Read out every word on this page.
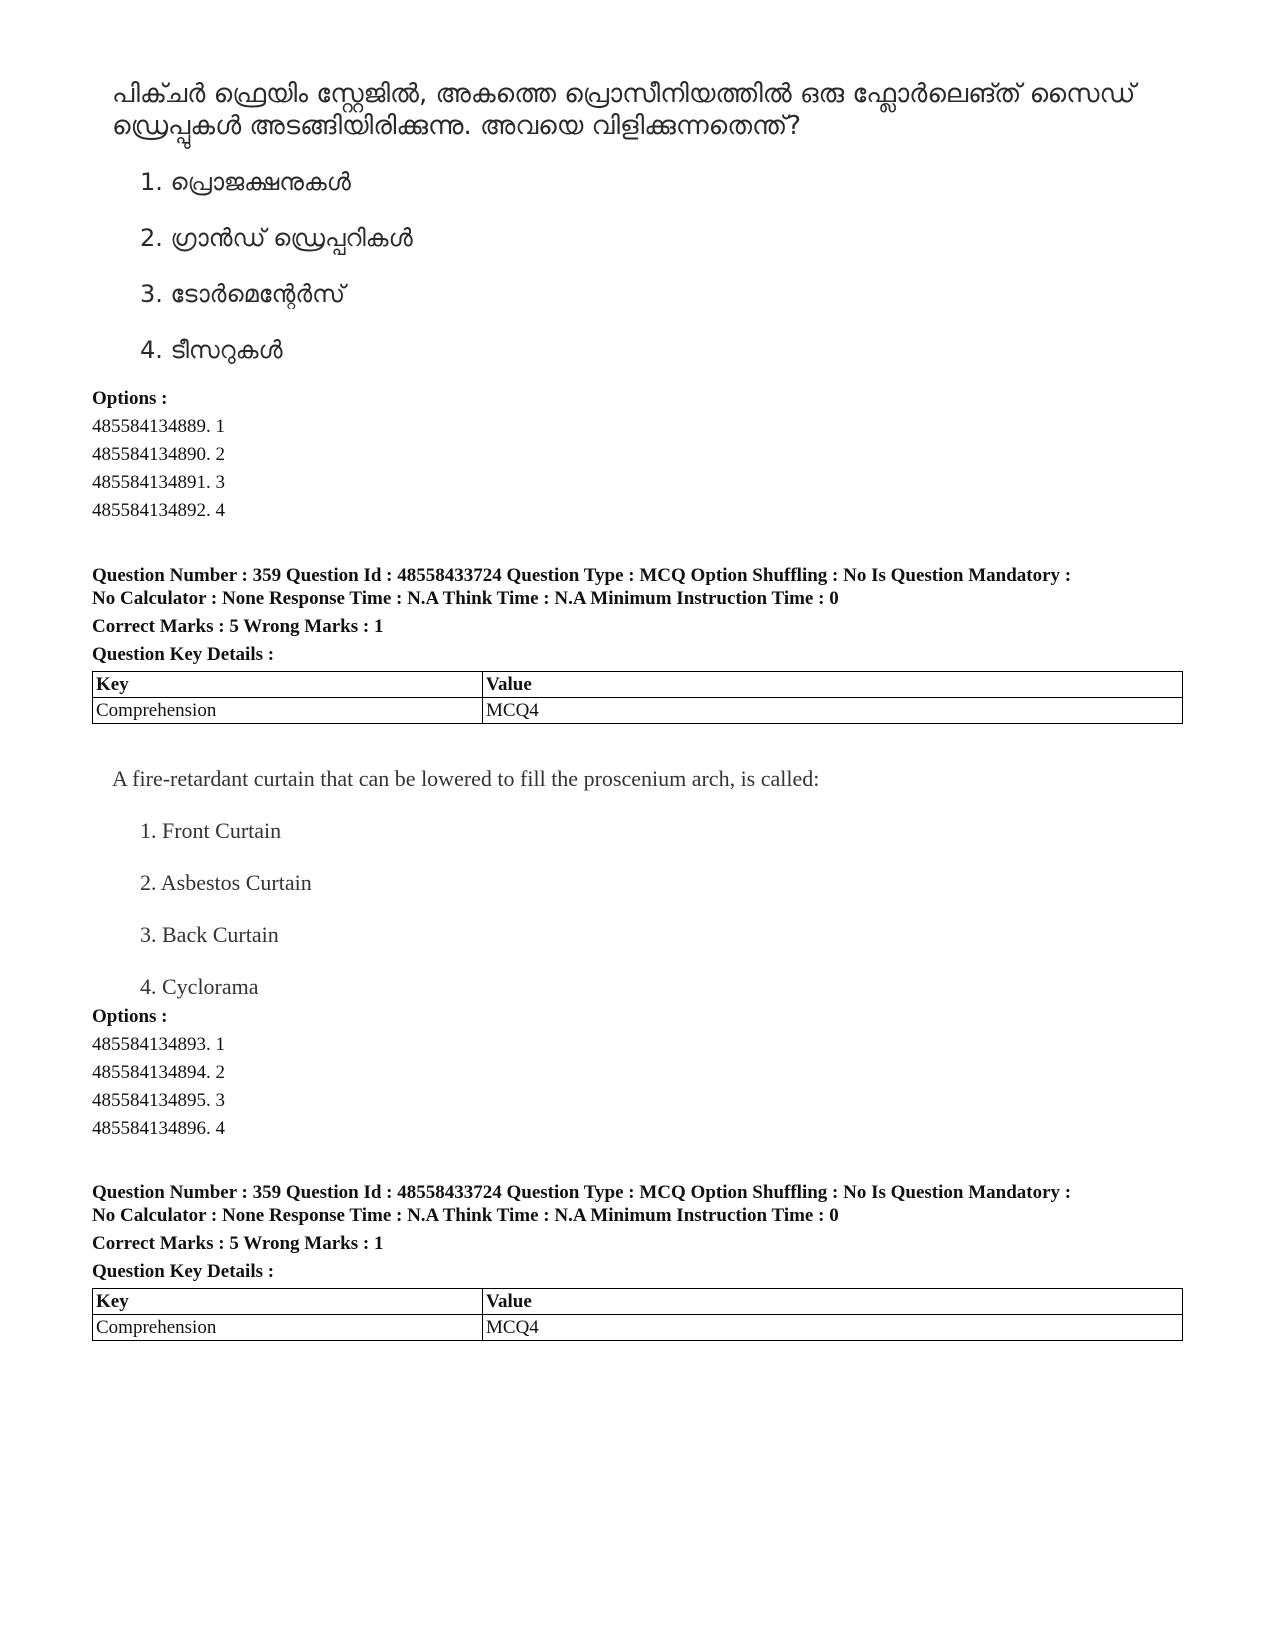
പിക്ചർ ഫ്രെയിം സ്റ്റേജിൽ, അകത്തെ പ്രൊസീനിയത്തിൽ ഒരു ഫ്ലോർലെങ്ത് സൈഡ് ഡ്രെപ്പുകൾ അടങ്ങിയിരിക്കുന്നു. അവയെ വിളിക്കുന്നതെന്ത്?
1. പ്രൊജക്ഷനുകൾ
2. ഗ്രാൻഡ് ഡ്രെപ്പറികൾ
3. ടോർമെന്റേർസ്
4. ടീസറുകൾ
Options :
485584134889. 1
485584134890. 2
485584134891. 3
485584134892. 4
Question Number : 359 Question Id : 48558433724 Question Type : MCQ Option Shuffling : No Is Question Mandatory :
No Calculator : None Response Time : N.A Think Time : N.A Minimum Instruction Time : 0
Correct Marks : 5 Wrong Marks : 1
Question Key Details :
Key	Value
Comprehension	MCQ4
A fire-retardant curtain that can be lowered to fill the proscenium arch, is called:
1. Front Curtain
2. Asbestos Curtain
3. Back Curtain
4. Cyclorama
Options :
485584134893. 1
485584134894. 2
485584134895. 3
485584134896. 4
Question Number : 359 Question Id : 48558433724 Question Type : MCQ Option Shuffling : No Is Question Mandatory :
No Calculator : None Response Time : N.A Think Time : N.A Minimum Instruction Time : 0
Correct Marks : 5 Wrong Marks : 1
Question Key Details :
Key	Value
Comprehension	MCQ4
